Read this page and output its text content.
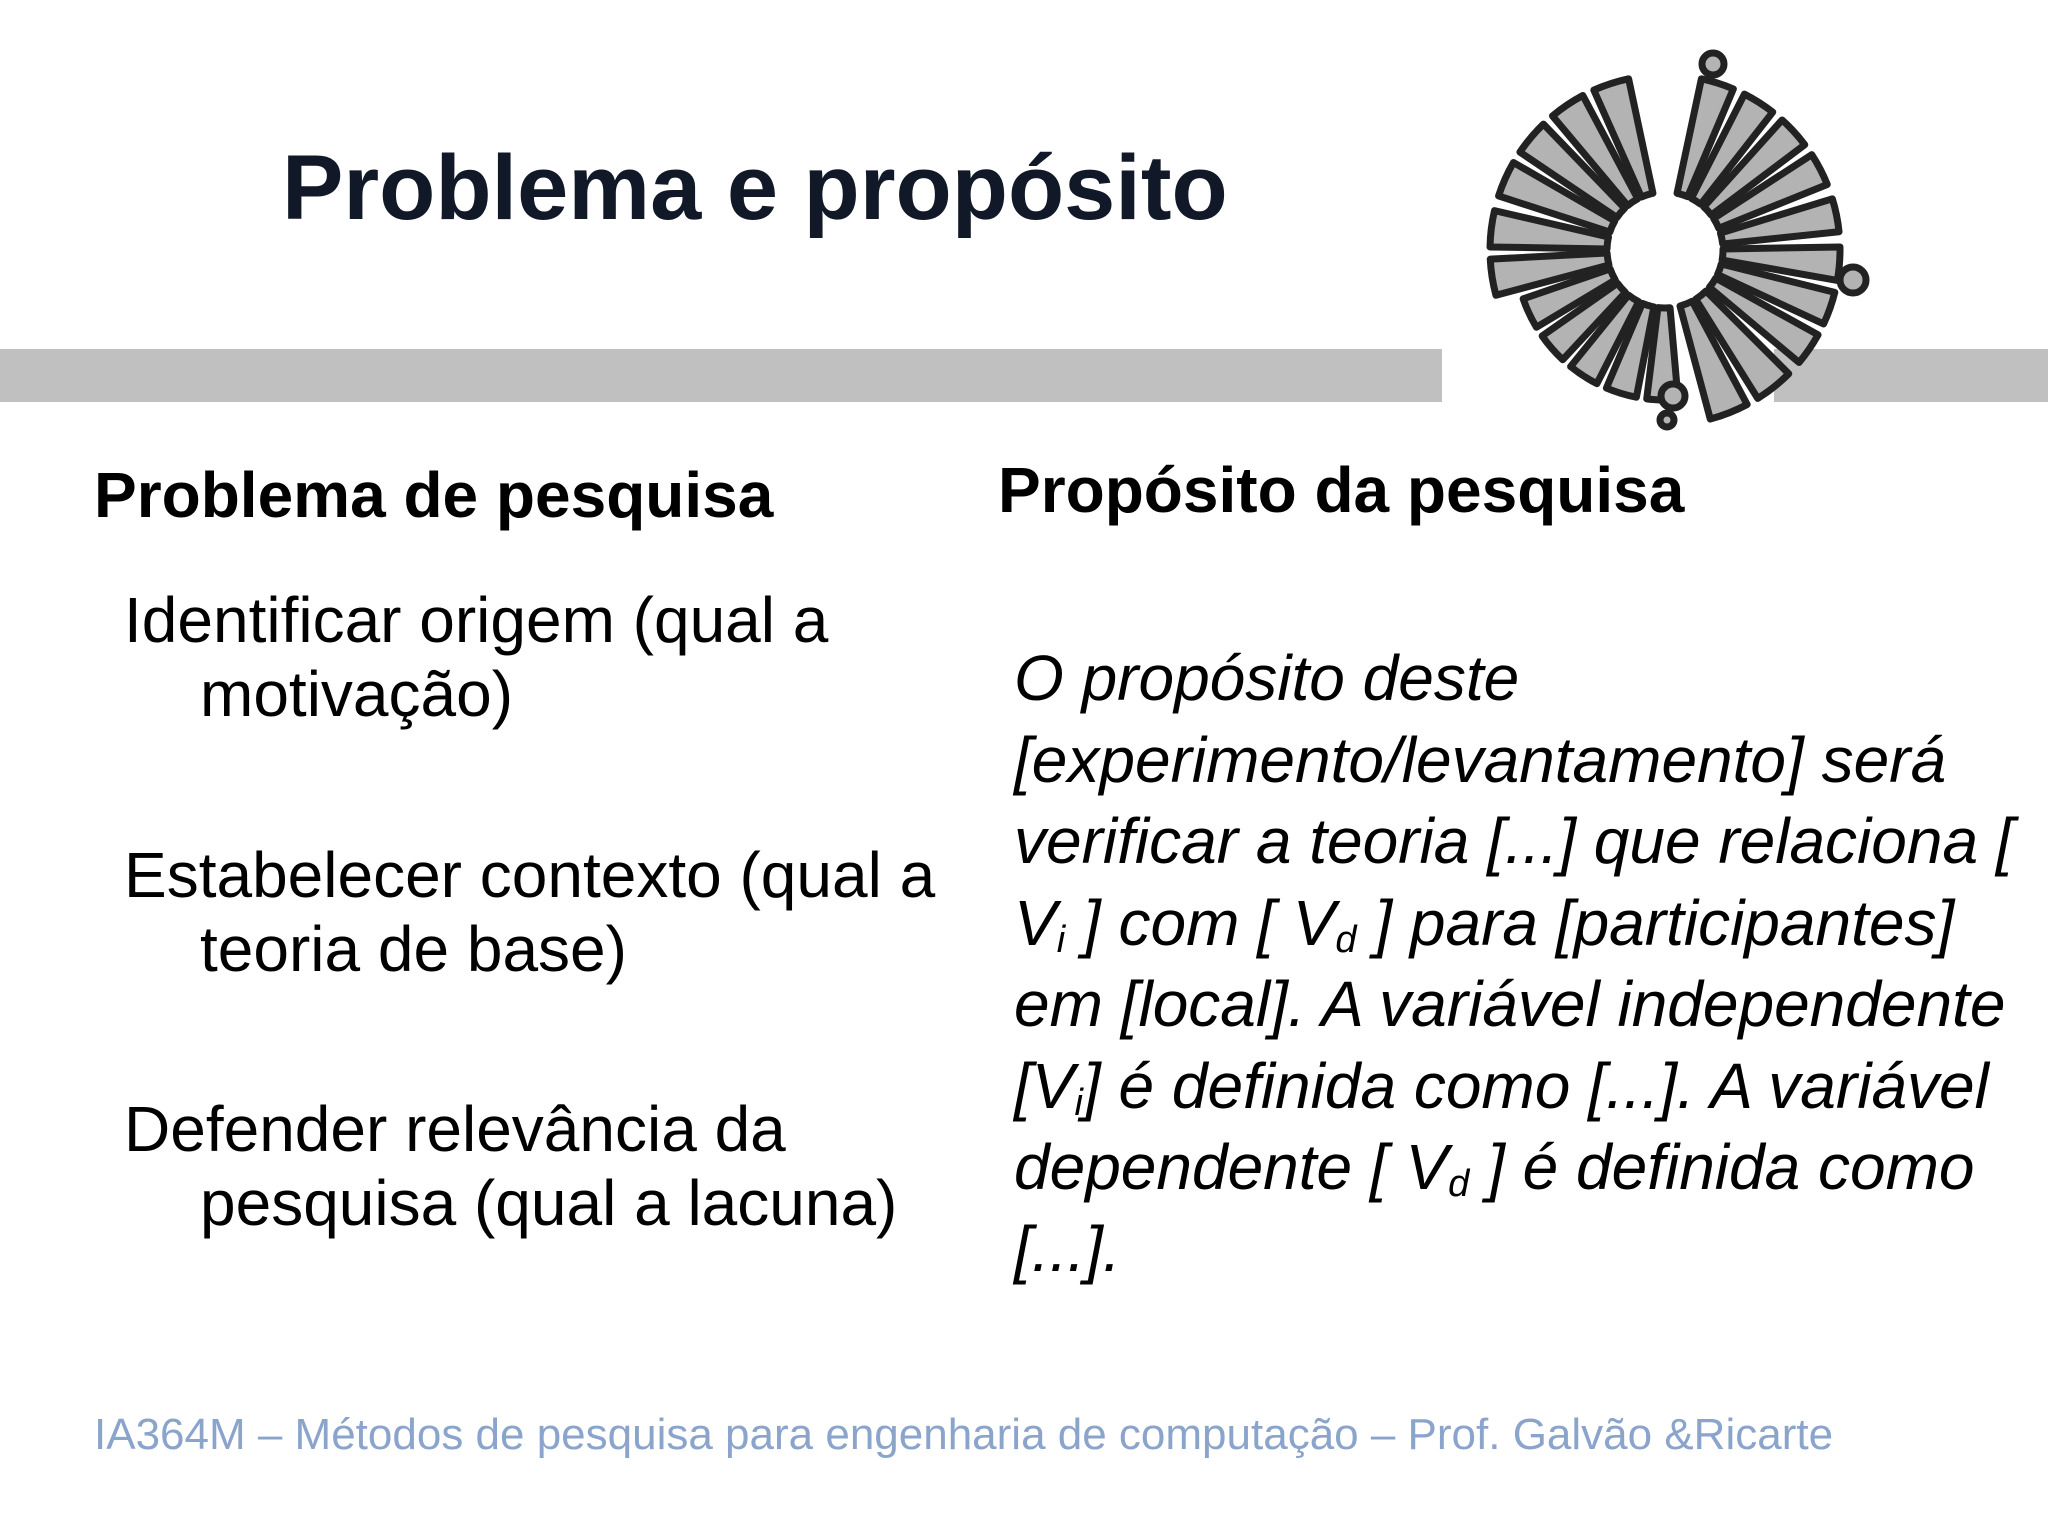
Problema e propósito
Problema de pesquisa	Propósito da pesquisa
Identificar origem (qual a motivação)
Estabelecer contexto (qual a teoria de base)
Defender relevância da pesquisa (qual a lacuna)

O propósito deste [experimento/levantamento] será verificar a teoria [...] que relaciona [ $V_i$ ] com [ $V_d$ ] para [participantes] em [local]. A variável independente $[V_i]$ é definida como [...]. A variável dependente [ $V_d$ ] é definida como [...].

IA364M – Métodos de pesquisa para engenharia de computação – Prof. Galvão &Ricarte
